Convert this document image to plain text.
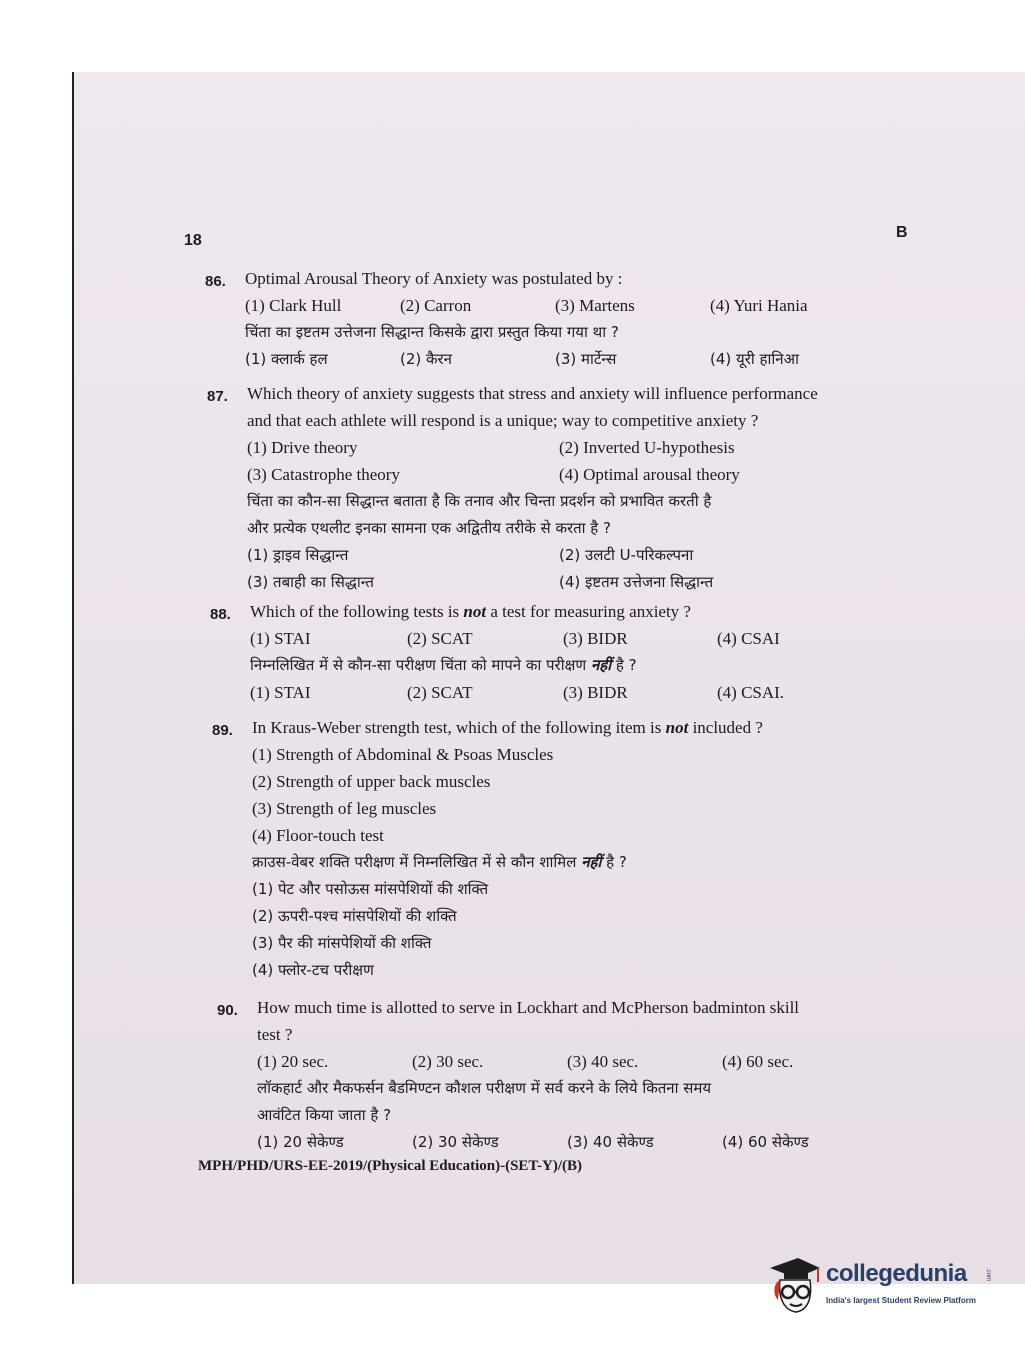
18	B
86. Optimal Arousal Theory of Anxiety was postulated by :
(1) Clark Hull	(2) Carron	(3) Martens	(4) Yuri Hania
चिंता का इष्टतम उत्तेजना सिद्धान्त किसके द्वारा प्रस्तुत किया गया था ?
(1) क्लार्क हल	(2) कैरन	(3) मार्टेन्स	(4) यूरी हानिआ
87. Which theory of anxiety suggests that stress and anxiety will influence performance
and that each athlete will respond is a unique; way to competitive anxiety ?
(1) Drive theory	(2) Inverted U-hypothesis
(3) Catastrophe theory	(4) Optimal arousal theory
चिंता का कौन-सा सिद्धान्त बताता है कि तनाव और चिन्ता प्रदर्शन को प्रभावित करती है
और प्रत्येक एथलीट इनका सामना एक अद्वितीय तरीके से करता है ?
(1) ड्राइव सिद्धान्त	(2) उलटी U-परिकल्पना
(3) तबाही का सिद्धान्त	(4) इष्टतम उत्तेजना सिद्धान्त
88. Which of the following tests is not a test for measuring anxiety ?
(1) STAI	(2) SCAT	(3) BIDR	(4) CSAI
निम्नलिखित में से कौन-सा परीक्षण चिंता को मापने का परीक्षण नहीं है ?
(1) STAI	(2) SCAT	(3) BIDR	(4) CSAI.
89. In Kraus-Weber strength test, which of the following item is not included ?
(1) Strength of Abdominal & Psoas Muscles
(2) Strength of upper back muscles
(3) Strength of leg muscles
(4) Floor-touch test
क्राउस-वेबर शक्ति परीक्षण में निम्नलिखित में से कौन शामिल नहीं है ?
(1) पेट और पसोऊस मांसपेशियों की शक्ति
(2) ऊपरी-पश्च मांसपेशियों की शक्ति
(3) पैर की मांसपेशियों की शक्ति
(4) फ्लोर-टच परीक्षण
90. How much time is allotted to serve in Lockhart and McPherson badminton skill
test ?
(1) 20 sec.	(2) 30 sec.	(3) 40 sec.	(4) 60 sec.
लॉकहार्ट और मैकफर्सन बैडमिण्टन कौशल परीक्षण में सर्व करने के लिये कितना समय
आवंटित किया जाता है ?
(1) 20 सेकेण्ड	(2) 30 सेकेण्ड	(3) 40 सेकेण्ड	(4) 60 सेकेण्ड
MPH/PHD/URS-EE-2019/(Physical Education)-(SET-Y)/(B)
collegedunia	.com
India's largest Student Review Platform
